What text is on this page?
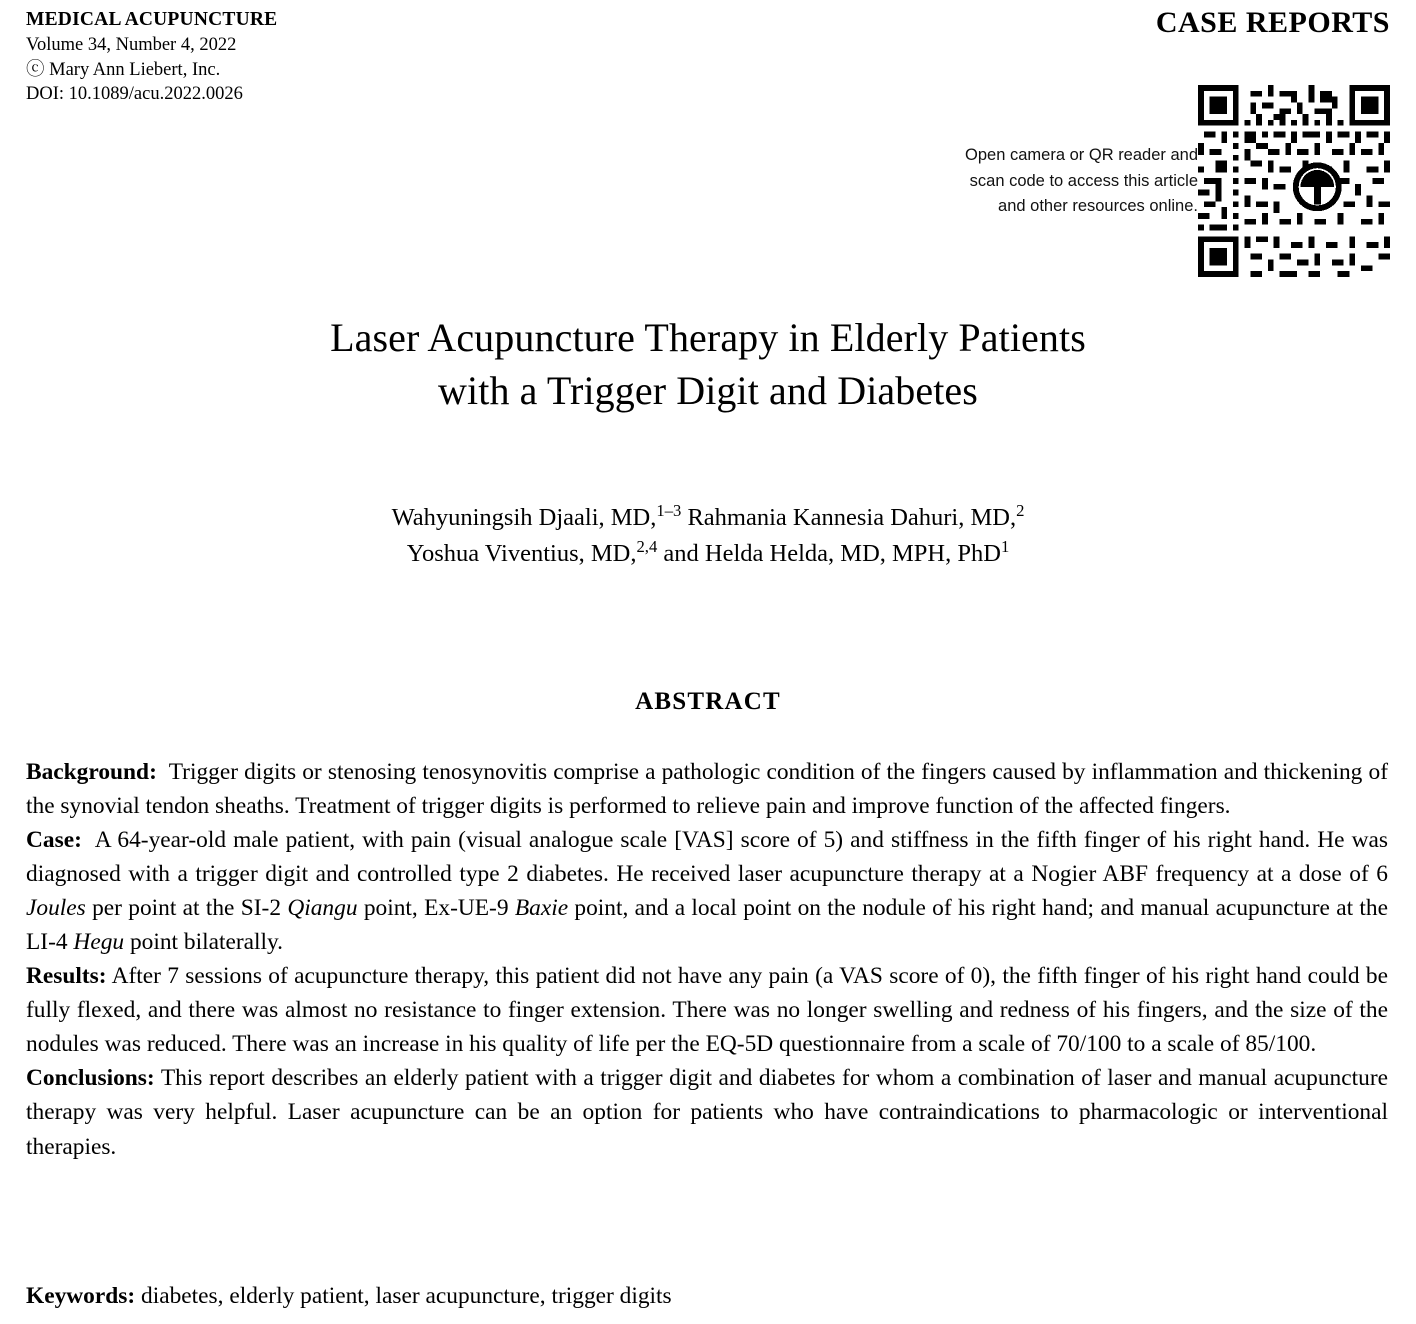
MEDICAL ACUPUNCTURE
Volume 34, Number 4, 2022
ⓒ Mary Ann Liebert, Inc.
DOI: 10.1089/acu.2022.0026
CASE REPORTS
Open camera or QR reader and
scan code to access this article
and other resources online.
Laser Acupuncture Therapy in Elderly Patients
with a Trigger Digit and Diabetes
Wahyuningsih Djaali, MD,$^{1-3}$ Rahmania Kannesia Dahuri, MD,$^2$
Yoshua Viventius, MD,$^{2,4}$ and Helda Helda, MD, MPH, PhD$^1$
ABSTRACT

Background: Trigger digits or stenosing tenosynovitis comprise a pathologic condition of the fingers caused by inflammation and thickening of the synovial tendon sheaths. Treatment of trigger digits is performed to relieve pain and improve function of the affected fingers.

Case: A 64-year-old male patient, with pain (visual analogue scale [VAS] score of 5) and stiffness in the fifth finger of his right hand. He was diagnosed with a trigger digit and controlled type 2 diabetes. He received laser acupuncture therapy at a Nogier ABF frequency at a dose of 6 Joules per point at the SI-2 Qiangu point, Ex-UE-9 Baxie point, and a local point on the nodule of his right hand; and manual acupuncture at the LI-4 Hegu point bilaterally.

Results: After 7 sessions of acupuncture therapy, this patient did not have any pain (a VAS score of 0), the fifth finger of his right hand could be fully flexed, and there was almost no resistance to finger extension. There was no longer swelling and redness of his fingers, and the size of the nodules was reduced. There was an increase in his quality of life per the EQ-5D questionnaire from a scale of 70/100 to a scale of 85/100.

Conclusions: This report describes an elderly patient with a trigger digit and diabetes for whom a combination of laser and manual acupuncture therapy was very helpful. Laser acupuncture can be an option for patients who have contraindications to pharmacologic or interventional therapies.

Keywords: diabetes, elderly patient, laser acupuncture, trigger digits
